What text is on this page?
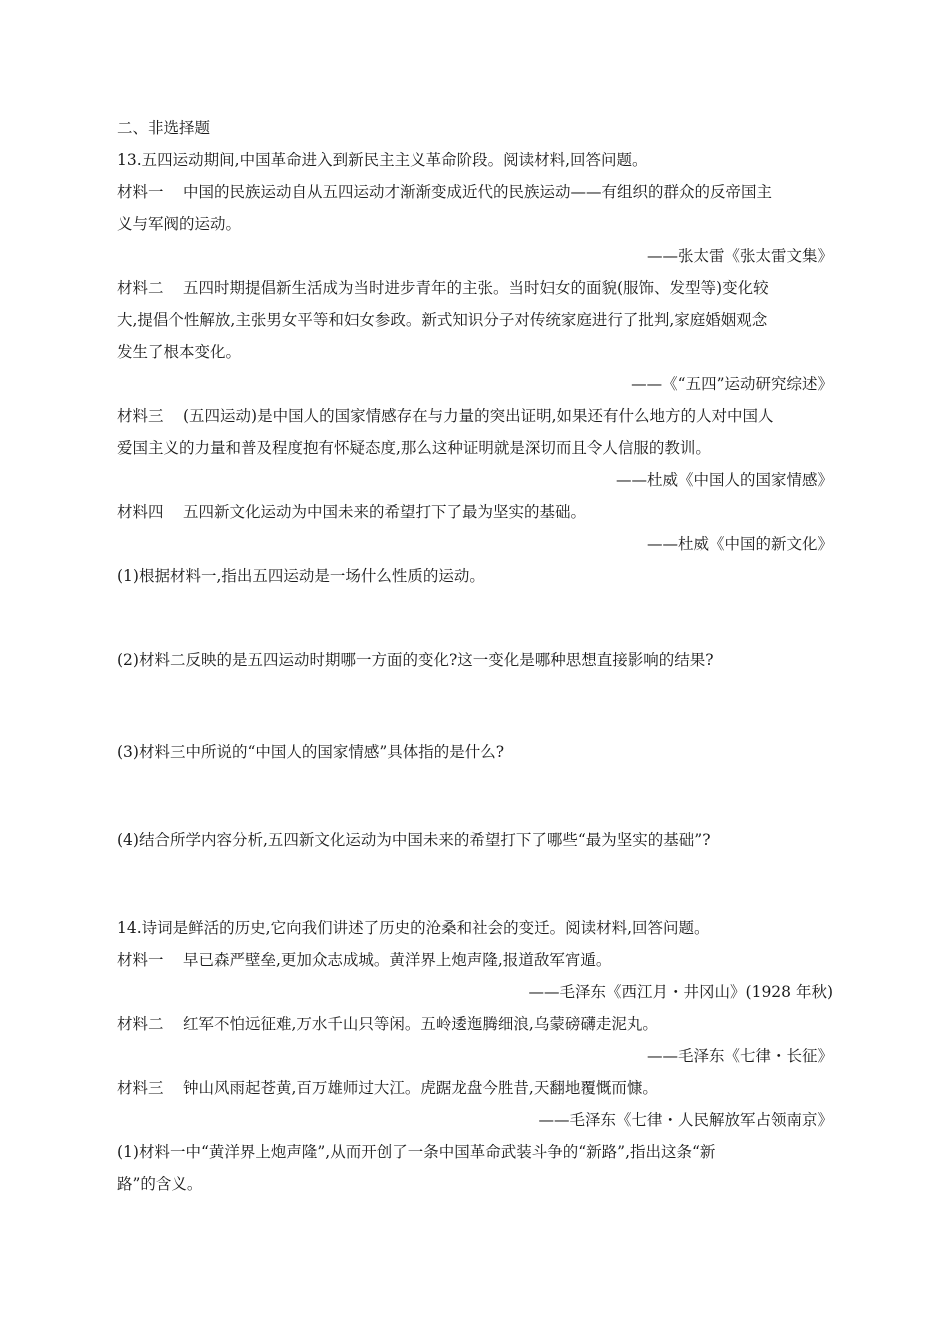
二、非选择题
13.五四运动期间,中国革命进入到新民主主义革命阶段。阅读材料,回答问题。
材料一 中国的民族运动自从五四运动才渐渐变成近代的民族运动——有组织的群众的反帝国主
义与军阀的运动。
——张太雷《张太雷文集》
材料二 五四时期提倡新生活成为当时进步青年的主张。当时妇女的面貌(服饰、发型等)变化较
大,提倡个性解放,主张男女平等和妇女参政。新式知识分子对传统家庭进行了批判,家庭婚姻观念
发生了根本变化。
——《“五四”运动研究综述》
材料三 (五四运动)是中国人的国家情感存在与力量的突出证明,如果还有什么地方的人对中国人
爱国主义的力量和普及程度抱有怀疑态度,那么这种证明就是深切而且令人信服的教训。
——杜威《中国人的国家情感》
材料四 五四新文化运动为中国未来的希望打下了最为坚实的基础。
——杜威《中国的新文化》
(1)根据材料一,指出五四运动是一场什么性质的运动。
(2)材料二反映的是五四运动时期哪一方面的变化?这一变化是哪种思想直接影响的结果?
(3)材料三中所说的“中国人的国家情感”具体指的是什么?
(4)结合所学内容分析,五四新文化运动为中国未来的希望打下了哪些“最为坚实的基础”?
14.诗词是鲜活的历史,它向我们讲述了历史的沧桑和社会的变迁。阅读材料,回答问题。
材料一 早已森严壁垒,更加众志成城。黄洋界上炮声隆,报道敌军宵遁。
——毛泽东《西江月・井冈山》(1928 年秋)
材料二 红军不怕远征难,万水千山只等闲。五岭逶迤腾细浪,乌蒙磅礴走泥丸。
——毛泽东《七律・长征》
材料三 钟山风雨起苍黄,百万雄师过大江。虎踞龙盘今胜昔,天翻地覆慨而慷。
——毛泽东《七律・人民解放军占领南京》
(1)材料一中“黄洋界上炮声隆”,从而开创了一条中国革命武装斗争的“新路”,指出这条“新
路”的含义。
